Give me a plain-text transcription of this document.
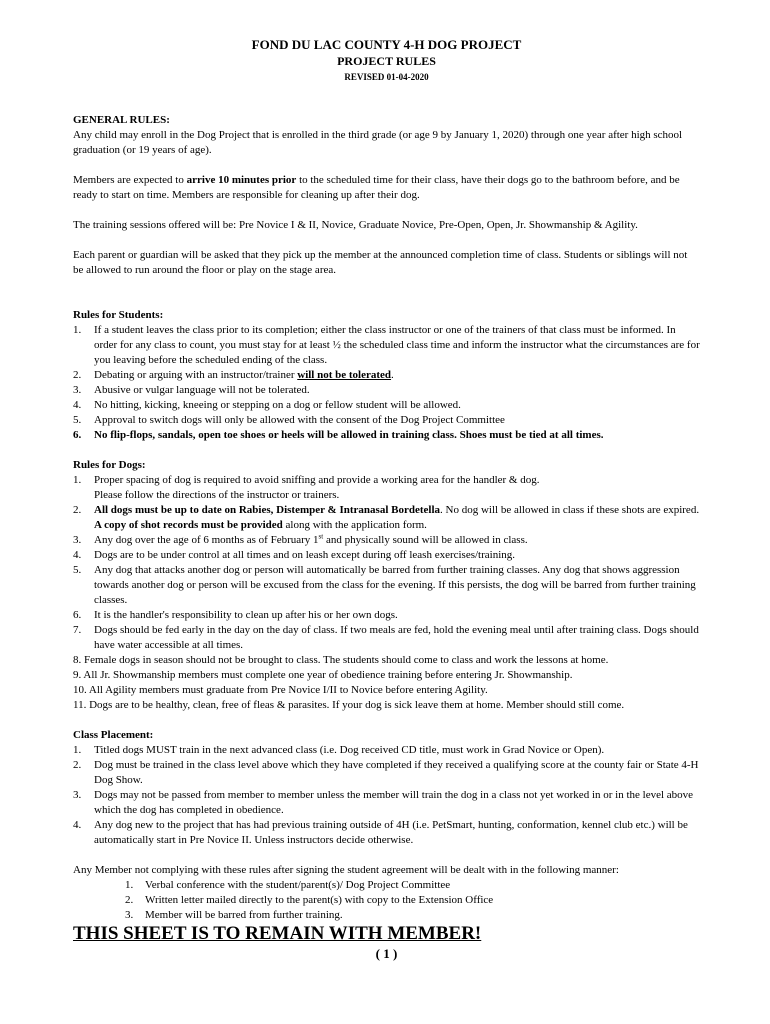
FOND DU LAC COUNTY 4-H DOG PROJECT
PROJECT RULES
REVISED 01-04-2020

GENERAL RULES:

Any child may enroll in the Dog Project that is enrolled in the third grade (or age 9 by January 1, 2020) through one year after high school graduation (or 19 years of age).

Members are expected to arrive 10 minutes prior to the scheduled time for their class, have their dogs go to the bathroom before, and be ready to start on time. Members are responsible for cleaning up after their dog.

The training sessions offered will be: Pre Novice I & II, Novice, Graduate Novice, Pre-Open, Open, Jr. Showmanship & Agility.

Each parent or guardian will be asked that they pick up the member at the announced completion time of class. Students or siblings will not be allowed to run around the floor or play on the stage area.

Rules for Students:

1.	If a student leaves the class prior to its completion; either the class instructor or one of the trainers of that class must be informed. In order for any class to count, you must stay for at least ½ the scheduled class time and inform the instructor what the circumstances are for you leaving before the scheduled ending of the class.
2.	Debating or arguing with an instructor/trainer will not be tolerated.
3.	Abusive or vulgar language will not be tolerated.
4.	No hitting, kicking, kneeing or stepping on a dog or fellow student will be allowed.
5.	Approval to switch dogs will only be allowed with the consent of the Dog Project Committee
6.	No flip-flops, sandals, open toe shoes or heels will be allowed in training class. Shoes must be tied at all times.

Rules for Dogs:

1.	Proper spacing of dog is required to avoid sniffing and provide a working area for the handler & dog.
Please follow the directions of the instructor or trainers.
2.	All dogs must be up to date on Rabies, Distemper & Intranasal Bordetella. No dog will be allowed in class if these shots are expired. A copy of shot records must be provided along with the application form.
3.	Any dog over the age of 6 months as of February 1st and physically sound will be allowed in class.
4.	Dogs are to be under control at all times and on leash except during off leash exercises/training.
5.	Any dog that attacks another dog or person will automatically be barred from further training classes. Any dog that shows aggression towards another dog or person will be excused from the class for the evening. If this persists, the dog will be barred from further training classes.
6.	It is the handler's responsibility to clean up after his or her own dogs.
7.	Dogs should be fed early in the day on the day of class. If two meals are fed, hold the evening meal until after training class. Dogs should have water accessible at all times.

8. Female dogs in season should not be brought to class. The students should come to class and work the lessons at home.

9. All Jr. Showmanship members must complete one year of obedience training before entering Jr. Showmanship.

10. All Agility members must graduate from Pre Novice I/II to Novice before entering Agility.

11. Dogs are to be healthy, clean, free of fleas & parasites. If your dog is sick leave them at home. Member should still come.

Class Placement:

1.	Titled dogs MUST train in the next advanced class (i.e. Dog received CD title, must work in Grad Novice or Open).
2.	Dog must be trained in the class level above which they have completed if they received a qualifying score at the county fair or State 4-H Dog Show.
3.	Dogs may not be passed from member to member unless the member will train the dog in a class not yet worked in or in the level above which the dog has completed in obedience.
4.	Any dog new to the project that has had previous training outside of 4H (i.e. PetSmart, hunting, conformation, kennel club etc.) will be automatically start in Pre Novice II. Unless instructors decide otherwise.

Any Member not complying with these rules after signing the student agreement will be dealt with in the following manner:

1.	Verbal conference with the student/parent(s)/ Dog Project Committee
2.	Written letter mailed directly to the parent(s) with copy to the Extension Office
3.	Member will be barred from further training.
THIS SHEET IS TO REMAIN WITH MEMBER!
( 1 )
